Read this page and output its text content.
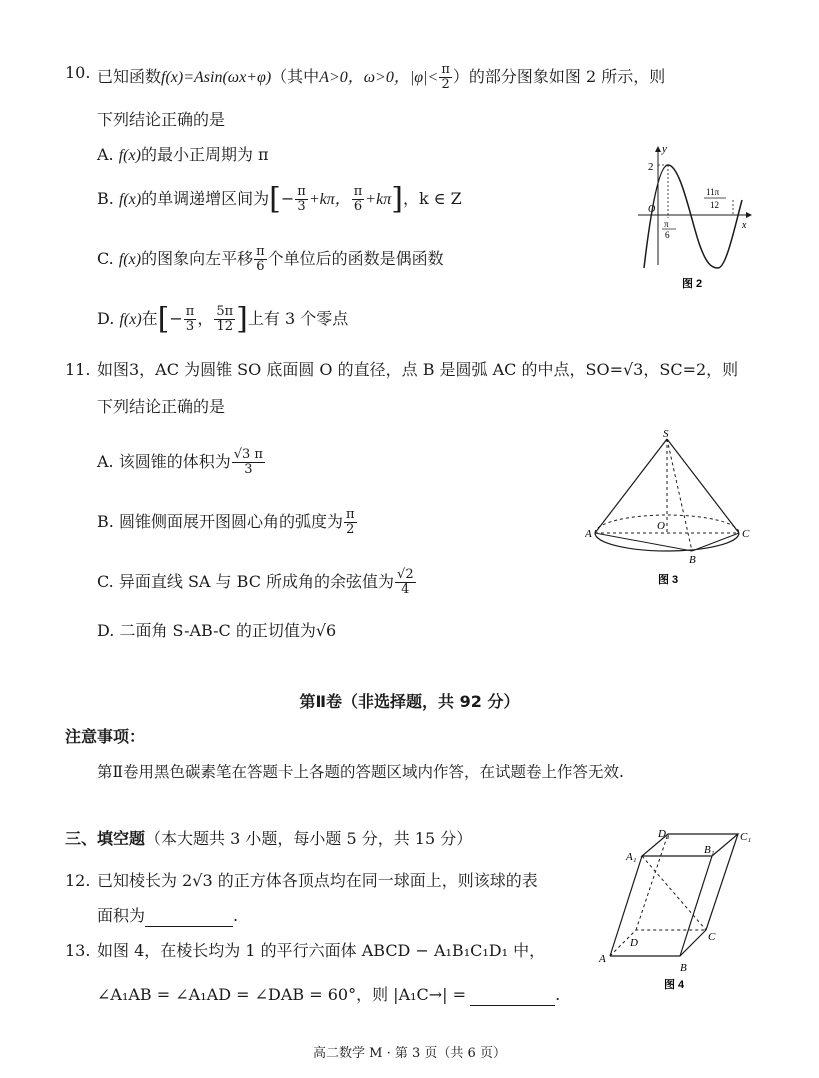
10. 已知函数f(x)=Asin(ωx+φ)（其中A>0，ω>0，$|\varphi|< \frac{\pi}{2}$ ）的部分图象如图 2 所示，则
下列结论正确的是
A. f(x)的最小正周期为 π
B. f(x)的单调递增区间为[− $\frac{\pi}{3} +k\pi$， $\frac{\pi}{6} +k\pi$]，k ∈ Z
C. f(x)的图象向左平移 $\frac{\pi}{6}$ 个单位后的函数是偶函数
D. f(x)在[− $\frac{\pi}{3}$ ， $\frac{5\pi}{12}$ ]上有 3 个零点
2
y
x
O
π
6
11π
12
图 2
11. 如图3，AC 为圆锥 SO 底面圆 O 的直径，点 B 是圆弧 AC 的中点，SO=√3，SC=2，则
下列结论正确的是
A. 该圆锥的体积为 $\frac{√3 \pi}{3}$
B. 圆锥侧面展开图圆心角的弧度为 $\frac{\pi}{2}$
C. 异面直线 SA 与 BC 所成角的余弦值为 $\frac{√2}{4}$
D. 二面角 S-AB-C 的正切值为√6
S
A	C
O
B
图 3
第Ⅱ卷（非选择题，共 92 分）
注意事项：
第Ⅱ卷用黑色碳素笔在答题卡上各题的答题区域内作答，在试题卷上作答无效.
三、填空题（本大题共 3 小题，每小题 5 分，共 15 分）
12. 已知棱长为 2√3 的正方体各顶点均在同一球面上，则该球的表
面积为	.
13. 如图 4，在棱长均为 1 的平行六面体 ABCD − A₁B₁C₁D₁ 中，
∠A₁AB = ∠A₁AD = ∠DAB = 60°，则 |A₁C→| =	.
A
B
C
D
A₁
B₁
C₁
D₁
图 4
高二数学 M · 第 3 页（共 6 页）
